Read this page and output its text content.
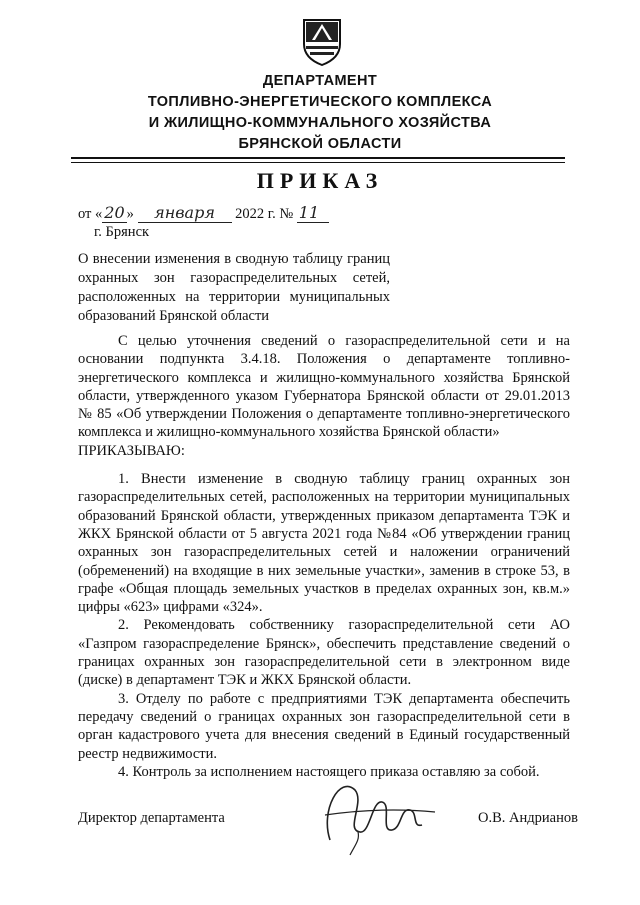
ДЕПАРТАМЕНТ
ТОПЛИВНО-ЭНЕРГЕТИЧЕСКОГО КОМПЛЕКСА
И ЖИЛИЩНО-КОММУНАЛЬНОГО ХОЗЯЙСТВА
БРЯНСКОЙ ОБЛАСТИ
ПРИКАЗ
от « 20 » января 2022 г. № 11
г. Брянск
О внесении изменения в сводную таблицу границ охранных зон газораспределительных сетей, расположенных на территории муниципальных образований Брянской области

С целью уточнения сведений о газораспределительной сети и на основании подпункта 3.4.18. Положения о департаменте топливно-энергетического комплекса и жилищно-коммунального хозяйства Брянской области, утвержденного указом Губернатора Брянской области от 29.01.2013 № 85 «Об утверждении Положения о департаменте топливно-энергетического комплекса и жилищно-коммунального хозяйства Брянской области»

ПРИКАЗЫВАЮ:

1. Внести изменение в сводную таблицу границ охранных зон газораспределительных сетей, расположенных на территории муниципальных образований Брянской области, утвержденных приказом департамента ТЭК и ЖКХ Брянской области от 5 августа 2021 года №84 «Об утверждении границ охранных зон газораспределительных сетей и наложении ограничений (обременений) на входящие в них земельные участки», заменив в строке 53, в графе «Общая площадь земельных участков в пределах охранных зон, кв.м.» цифры «623» цифрами «324».

2. Рекомендовать собственнику газораспределительной сети АО «Газпром газораспределение Брянск», обеспечить представление сведений о границах охранных зон газораспределительной сети в электронном виде (диске) в департамент ТЭК и ЖКХ Брянской области.

3. Отделу по работе с предприятиями ТЭК департамента обеспечить передачу сведений о границах охранных зон газораспределительной сети в орган кадастрового учета для внесения сведений в Единый государственный реестр недвижимости.

4. Контроль за исполнением настоящего приказа оставляю за собой.

Директор департамента	О.В. Андрианов
